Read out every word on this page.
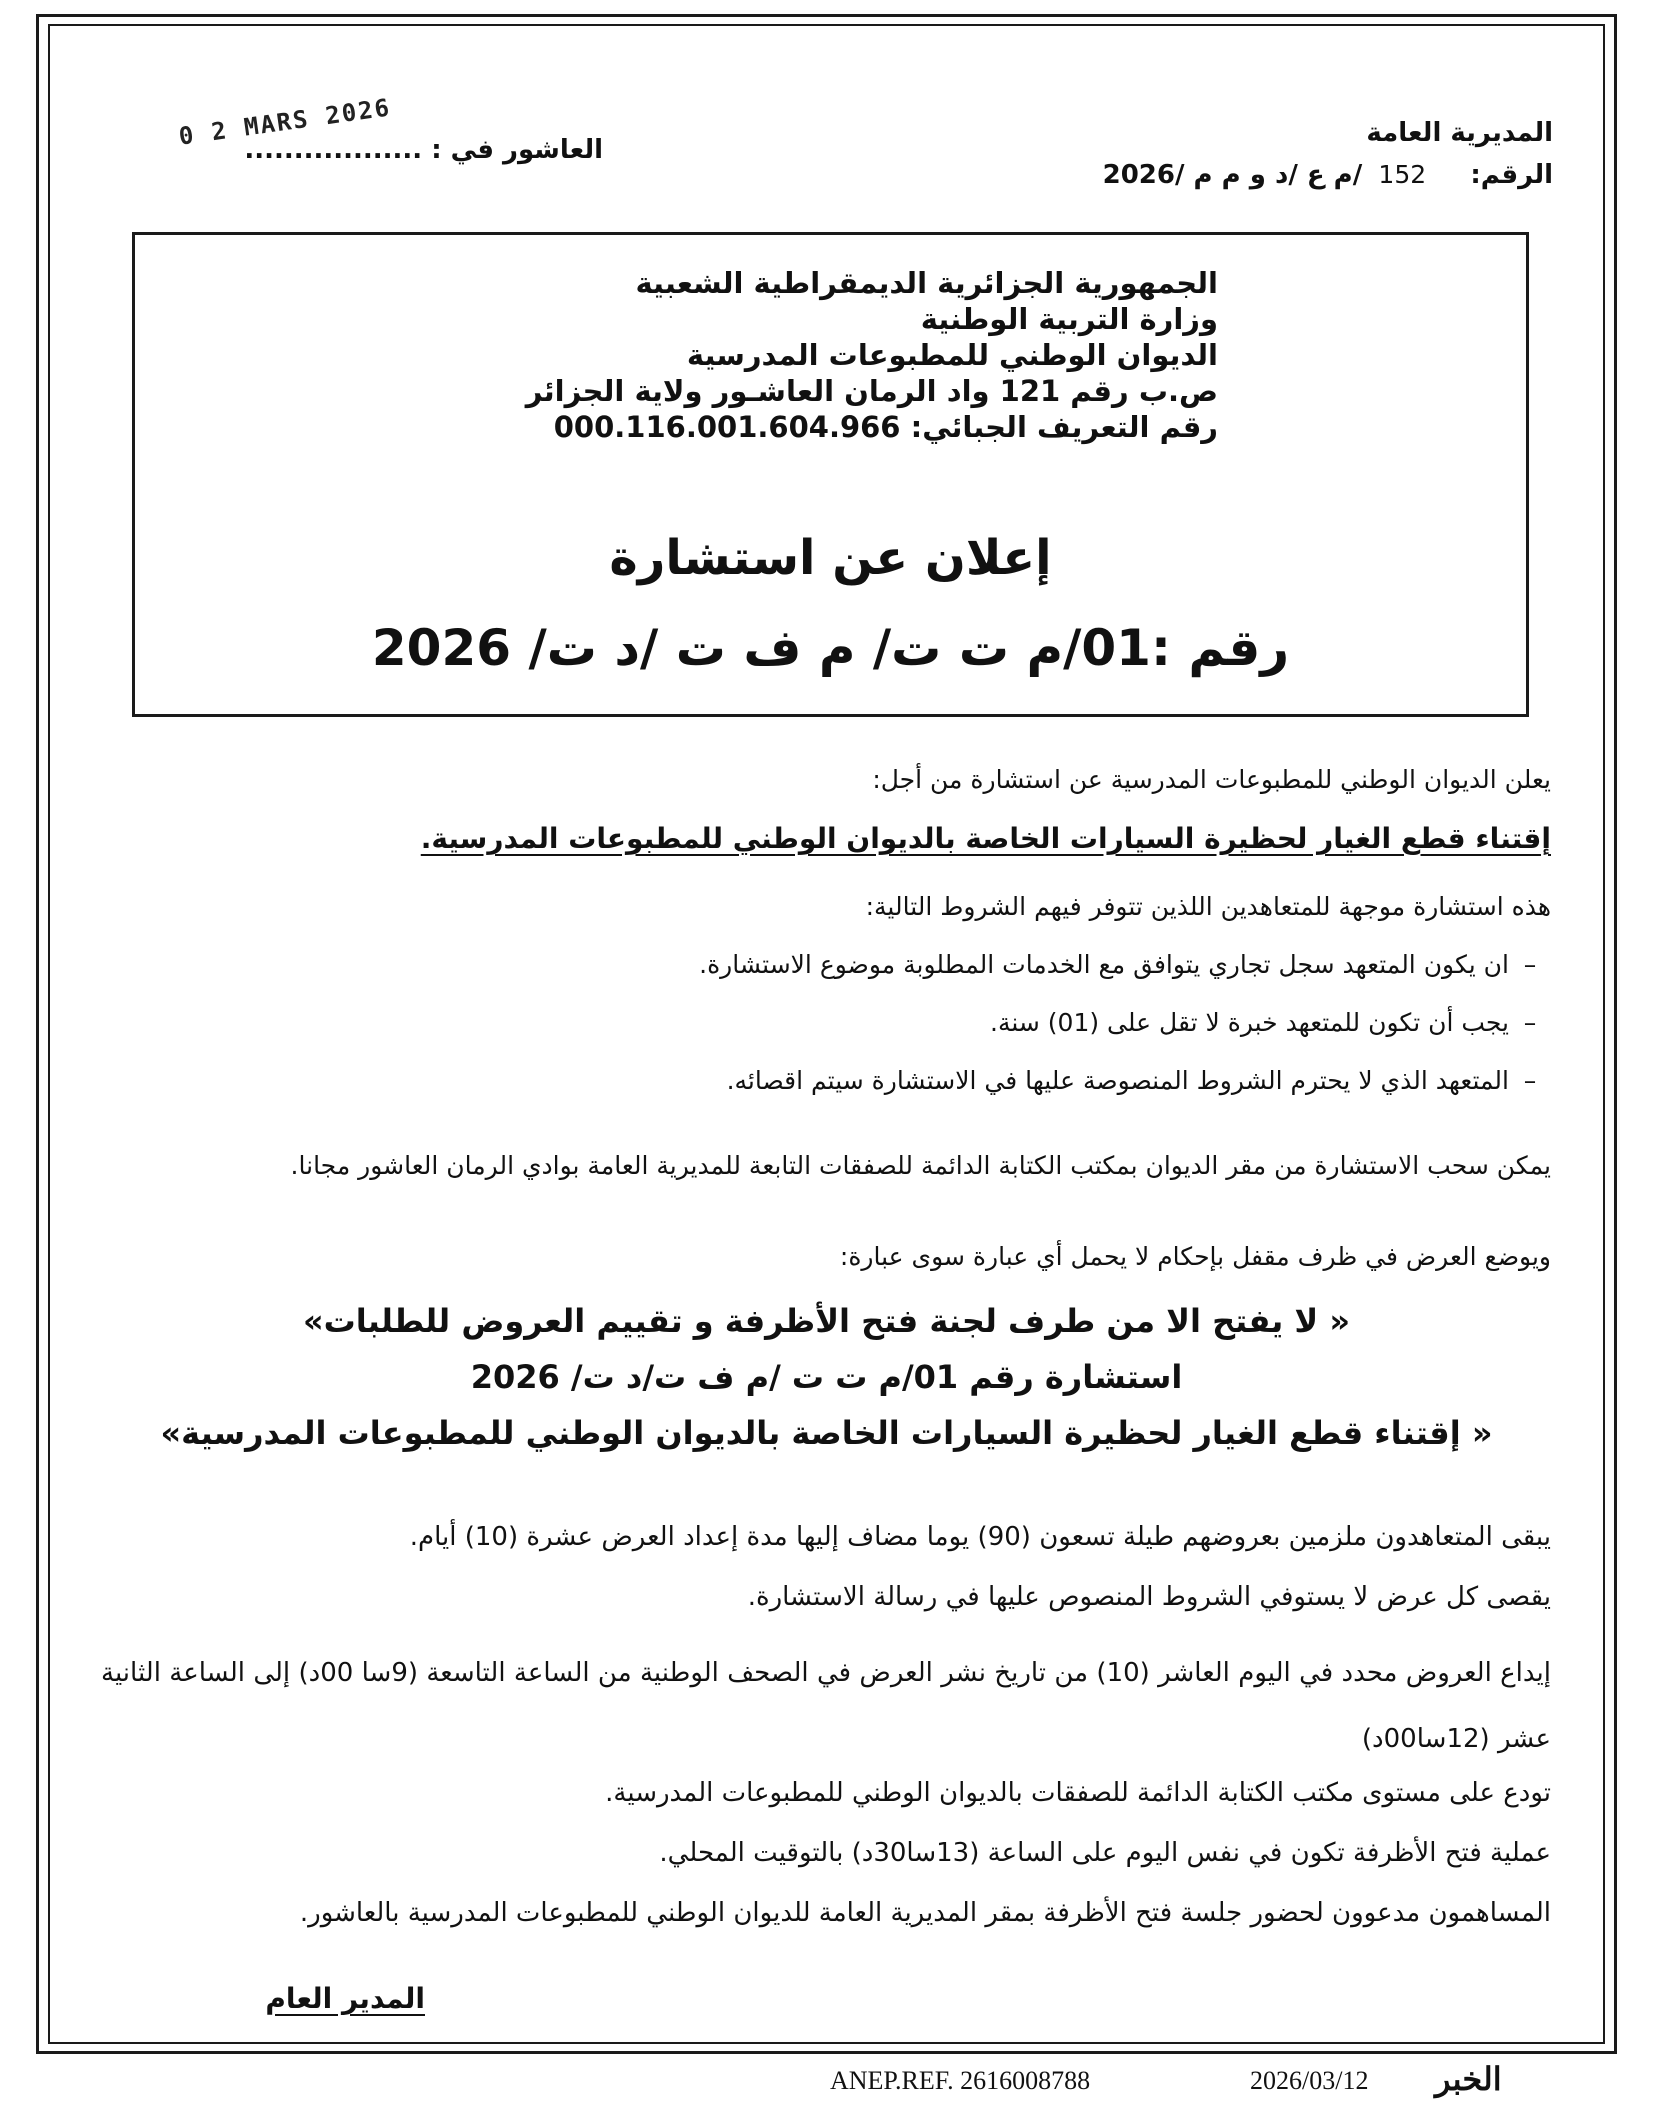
المديرية العامة
الرقم:  152  /م ع /د و م م /2026
العاشور في : ..................
0 2 MARS 2026
الجمهورية الجزائرية الديمقراطية الشعبية
وزارة التربية الوطنية
الديوان الوطني للمطبوعات المدرسية
ص.ب رقم 121 واد الرمان العاشـور ولاية الجزائر
رقم التعريف الجبائي: 000.116.001.604.966
إعلان عن استشارة
رقم :01/م ت ت/ م ف ت /د ت/ 2026
يعلن الديوان الوطني للمطبوعات المدرسية عن استشارة من أجل:
إقتناء قطع الغيار لحظيرة السيارات الخاصة بالديوان الوطني للمطبوعات المدرسية.
هذه استشارة موجهة للمتعاهدين اللذين تتوفر فيهم الشروط التالية:
–ان يكون المتعهد سجل تجاري يتوافق مع الخدمات المطلوبة موضوع الاستشارة.
–يجب أن تكون للمتعهد خبرة لا تقل على (01) سنة.
–المتعهد الذي لا يحترم الشروط المنصوصة عليها في الاستشارة سيتم اقصائه.
يمكن سحب الاستشارة من مقر الديوان بمكتب الكتابة الدائمة للصفقات التابعة للمديرية العامة بوادي الرمان العاشور مجانا.
ويوضع العرض في ظرف مقفل بإحكام لا يحمل أي عبارة سوى عبارة:
« لا يفتح الا من طرف لجنة فتح الأظرفة و تقييم العروض للطلبات»
استشارة رقم 01/م ت ت /م ف ت/د ت/ 2026
« إقتناء قطع الغيار لحظيرة السيارات الخاصة بالديوان الوطني للمطبوعات المدرسية»
يبقى المتعاهدون ملزمين بعروضهم طيلة تسعون (90) يوما مضاف إليها مدة إعداد العرض عشرة (10) أيام.
يقصى كل عرض لا يستوفي الشروط المنصوص عليها في رسالة الاستشارة.
إيداع العروض محدد في اليوم العاشر (10) من تاريخ نشر العرض في الصحف الوطنية من الساعة التاسعة (9سا 00د) إلى الساعة الثانية عشر (12سا00د)
تودع على مستوى مكتب الكتابة الدائمة للصفقات بالديوان الوطني للمطبوعات المدرسية.
عملية فتح الأظرفة تكون في نفس اليوم على الساعة (13سا30د) بالتوقيت المحلي.
المساهمون مدعوون لحضور جلسة فتح الأظرفة بمقر المديرية العامة للديوان الوطني للمطبوعات المدرسية بالعاشور.
المدير العام
ANEP.REF. 2616008788	2026/03/12 الخبر
